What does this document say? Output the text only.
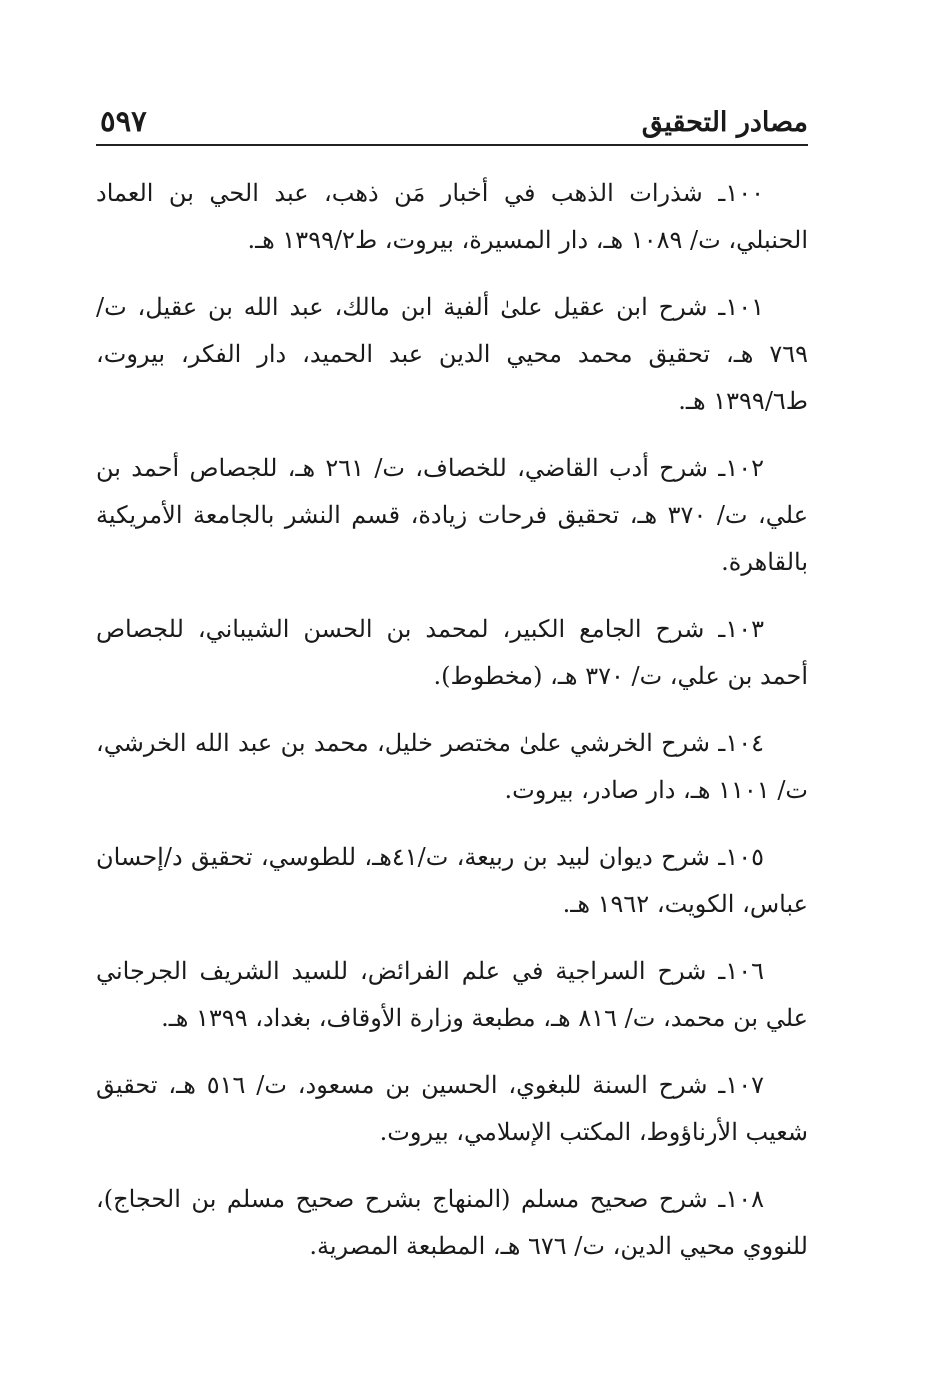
مصادر التحقيق
٥٩٧

١٠٠ـ شذرات الذهب في أخبار مَن ذهب، عبد الحي بن العماد الحنبلي، ت/ ١٠٨٩ هـ، دار المسيرة، بيروت، ط١٣٩٩/٢ هـ.

١٠١ـ شرح ابن عقيل علىٰ ألفية ابن مالك، عبد الله بن عقيل، ت/ ٧٦٩ هـ، تحقيق محمد محيي الدين عبد الحميد، دار الفكر، بيروت، ط١٣٩٩/٦ هـ.

١٠٢ـ شرح أدب القاضي، للخصاف، ت/ ٢٦١ هـ، للجصاص أحمد بن علي، ت/ ٣٧٠ هـ، تحقيق فرحات زيادة، قسم النشر بالجامعة الأمريكية بالقاهرة.

١٠٣ـ شرح الجامع الكبير، لمحمد بن الحسن الشيباني، للجصاص أحمد بن علي، ت/ ٣٧٠ هـ، (مخطوط).

١٠٤ـ شرح الخرشي علىٰ مختصر خليل، محمد بن عبد الله الخرشي، ت/ ١١٠١ هـ، دار صادر، بيروت.

١٠٥ـ شرح ديوان لبيد بن ربيعة، ت/٤١هـ، للطوسي، تحقيق د/إحسان عباس، الكويت، ١٩٦٢ هـ.

١٠٦ـ شرح السراجية في علم الفرائض، للسيد الشريف الجرجاني علي بن محمد، ت/ ٨١٦ هـ، مطبعة وزارة الأوقاف، بغداد، ١٣٩٩ هـ.

١٠٧ـ شرح السنة للبغوي، الحسين بن مسعود، ت/ ٥١٦ هـ، تحقيق شعيب الأرناؤوط، المكتب الإسلامي، بيروت.

١٠٨ـ شرح صحيح مسلم (المنهاج بشرح صحيح مسلم بن الحجاج)، للنووي محيي الدين، ت/ ٦٧٦ هـ، المطبعة المصرية.
